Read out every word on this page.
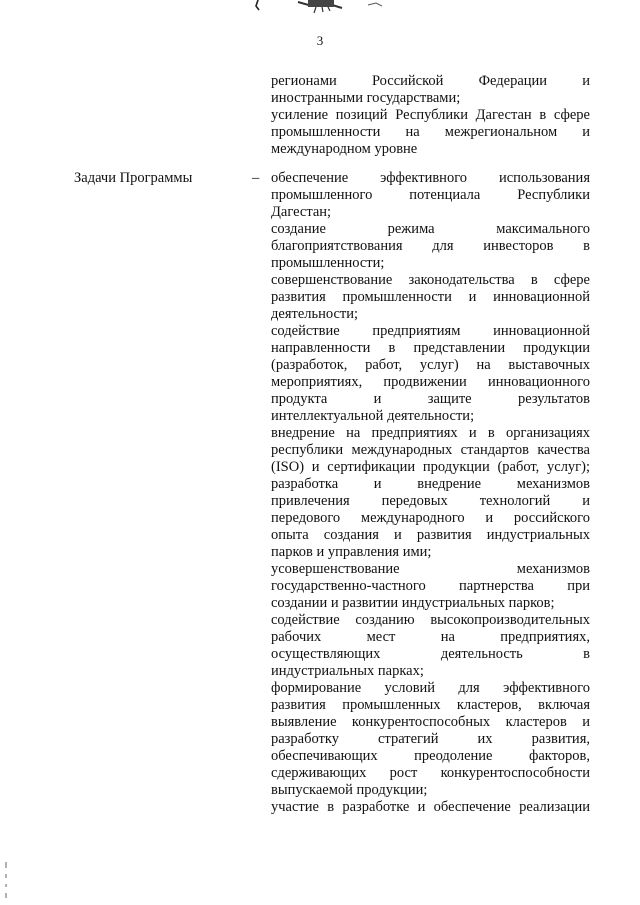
3
регионами Российской Федерации и
иностранными государствами;
усиление позиций Республики Дагестан в сфере
промышленности на межрегиональном и
международном уровне
Задачи Программы	– обеспечение эффективного использования
промышленного потенциала Республики
Дагестан;
создание режима максимального
благоприятствования для инвесторов в
промышленности;
совершенствование законодательства в сфере
развития промышленности и инновационной
деятельности;
содействие предприятиям инновационной
направленности в представлении продукции
(разработок, работ, услуг) на выставочных
мероприятиях, продвижении инновационного
продукта и защите результатов
интеллектуальной деятельности;
внедрение на предприятиях и в организациях
республики международных стандартов качества
(ISO) и сертификации продукции (работ, услуг);
разработка и внедрение механизмов
привлечения передовых технологий и
передового международного и российского
опыта создания и развития индустриальных
парков и управления ими;
усовершенствование механизмов
государственно-частного партнерства при
создании и развитии индустриальных парков;
содействие созданию высокопроизводительных
рабочих мест на предприятиях,
осуществляющих деятельность в
индустриальных парках;
формирование условий для эффективного
развития промышленных кластеров, включая
выявление конкурентоспособных кластеров и
разработку стратегий их развития,
обеспечивающих преодоление факторов,
сдерживающих рост конкурентоспособности
выпускаемой продукции;
участие в разработке и обеспечение реализации
